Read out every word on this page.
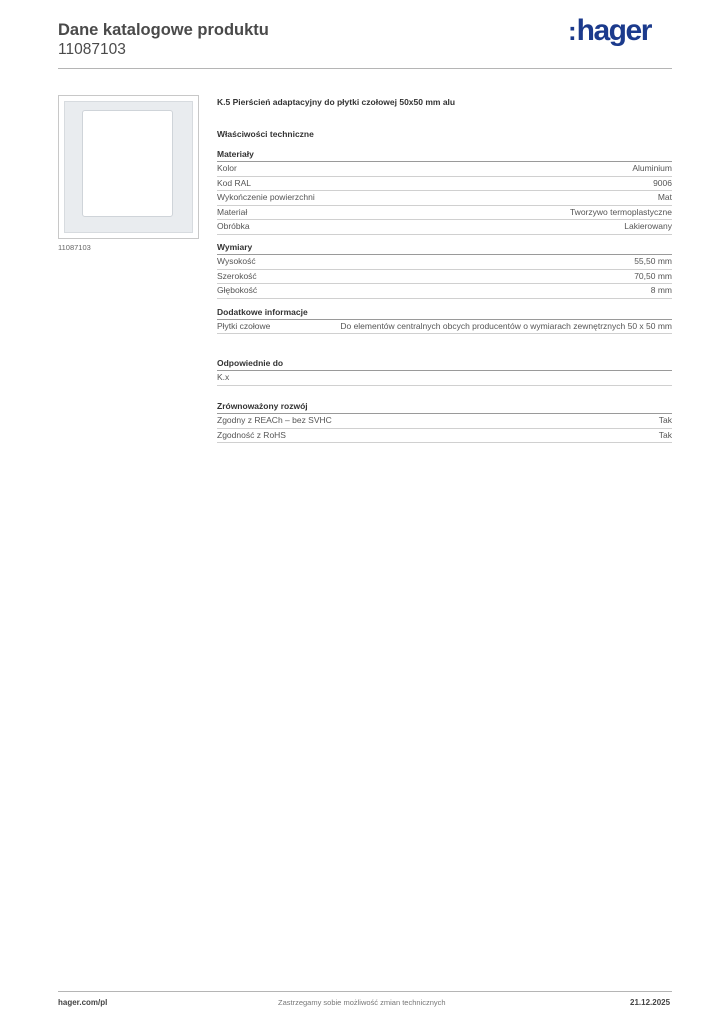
Dane katalogowe produktu
11087103
:hager
11087103
K.5 Pierścień adaptacyjny do płytki czołowej 50x50 mm alu
Właściwości techniczne
Materiały
Kolor	Aluminium
Kod RAL	9006
Wykończenie powierzchni	Mat
Materiał	Tworzywo termoplastyczne
Obróbka	Lakierowany
Wymiary
Wysokość	55,50 mm
Szerokość	70,50 mm
Głębokość	8 mm
Dodatkowe informacje
Płytki czołowe	Do elementów centralnych obcych producentów o wymiarach zewnętrznych 50 x 50 mm
Odpowiednie do
K.x
Zrównoważony rozwój
Zgodny z REACh – bez SVHC	Tak
Zgodność z RoHS	Tak
hager.com/pl	Zastrzegamy sobie możliwość zmian technicznych	21.12.2025
